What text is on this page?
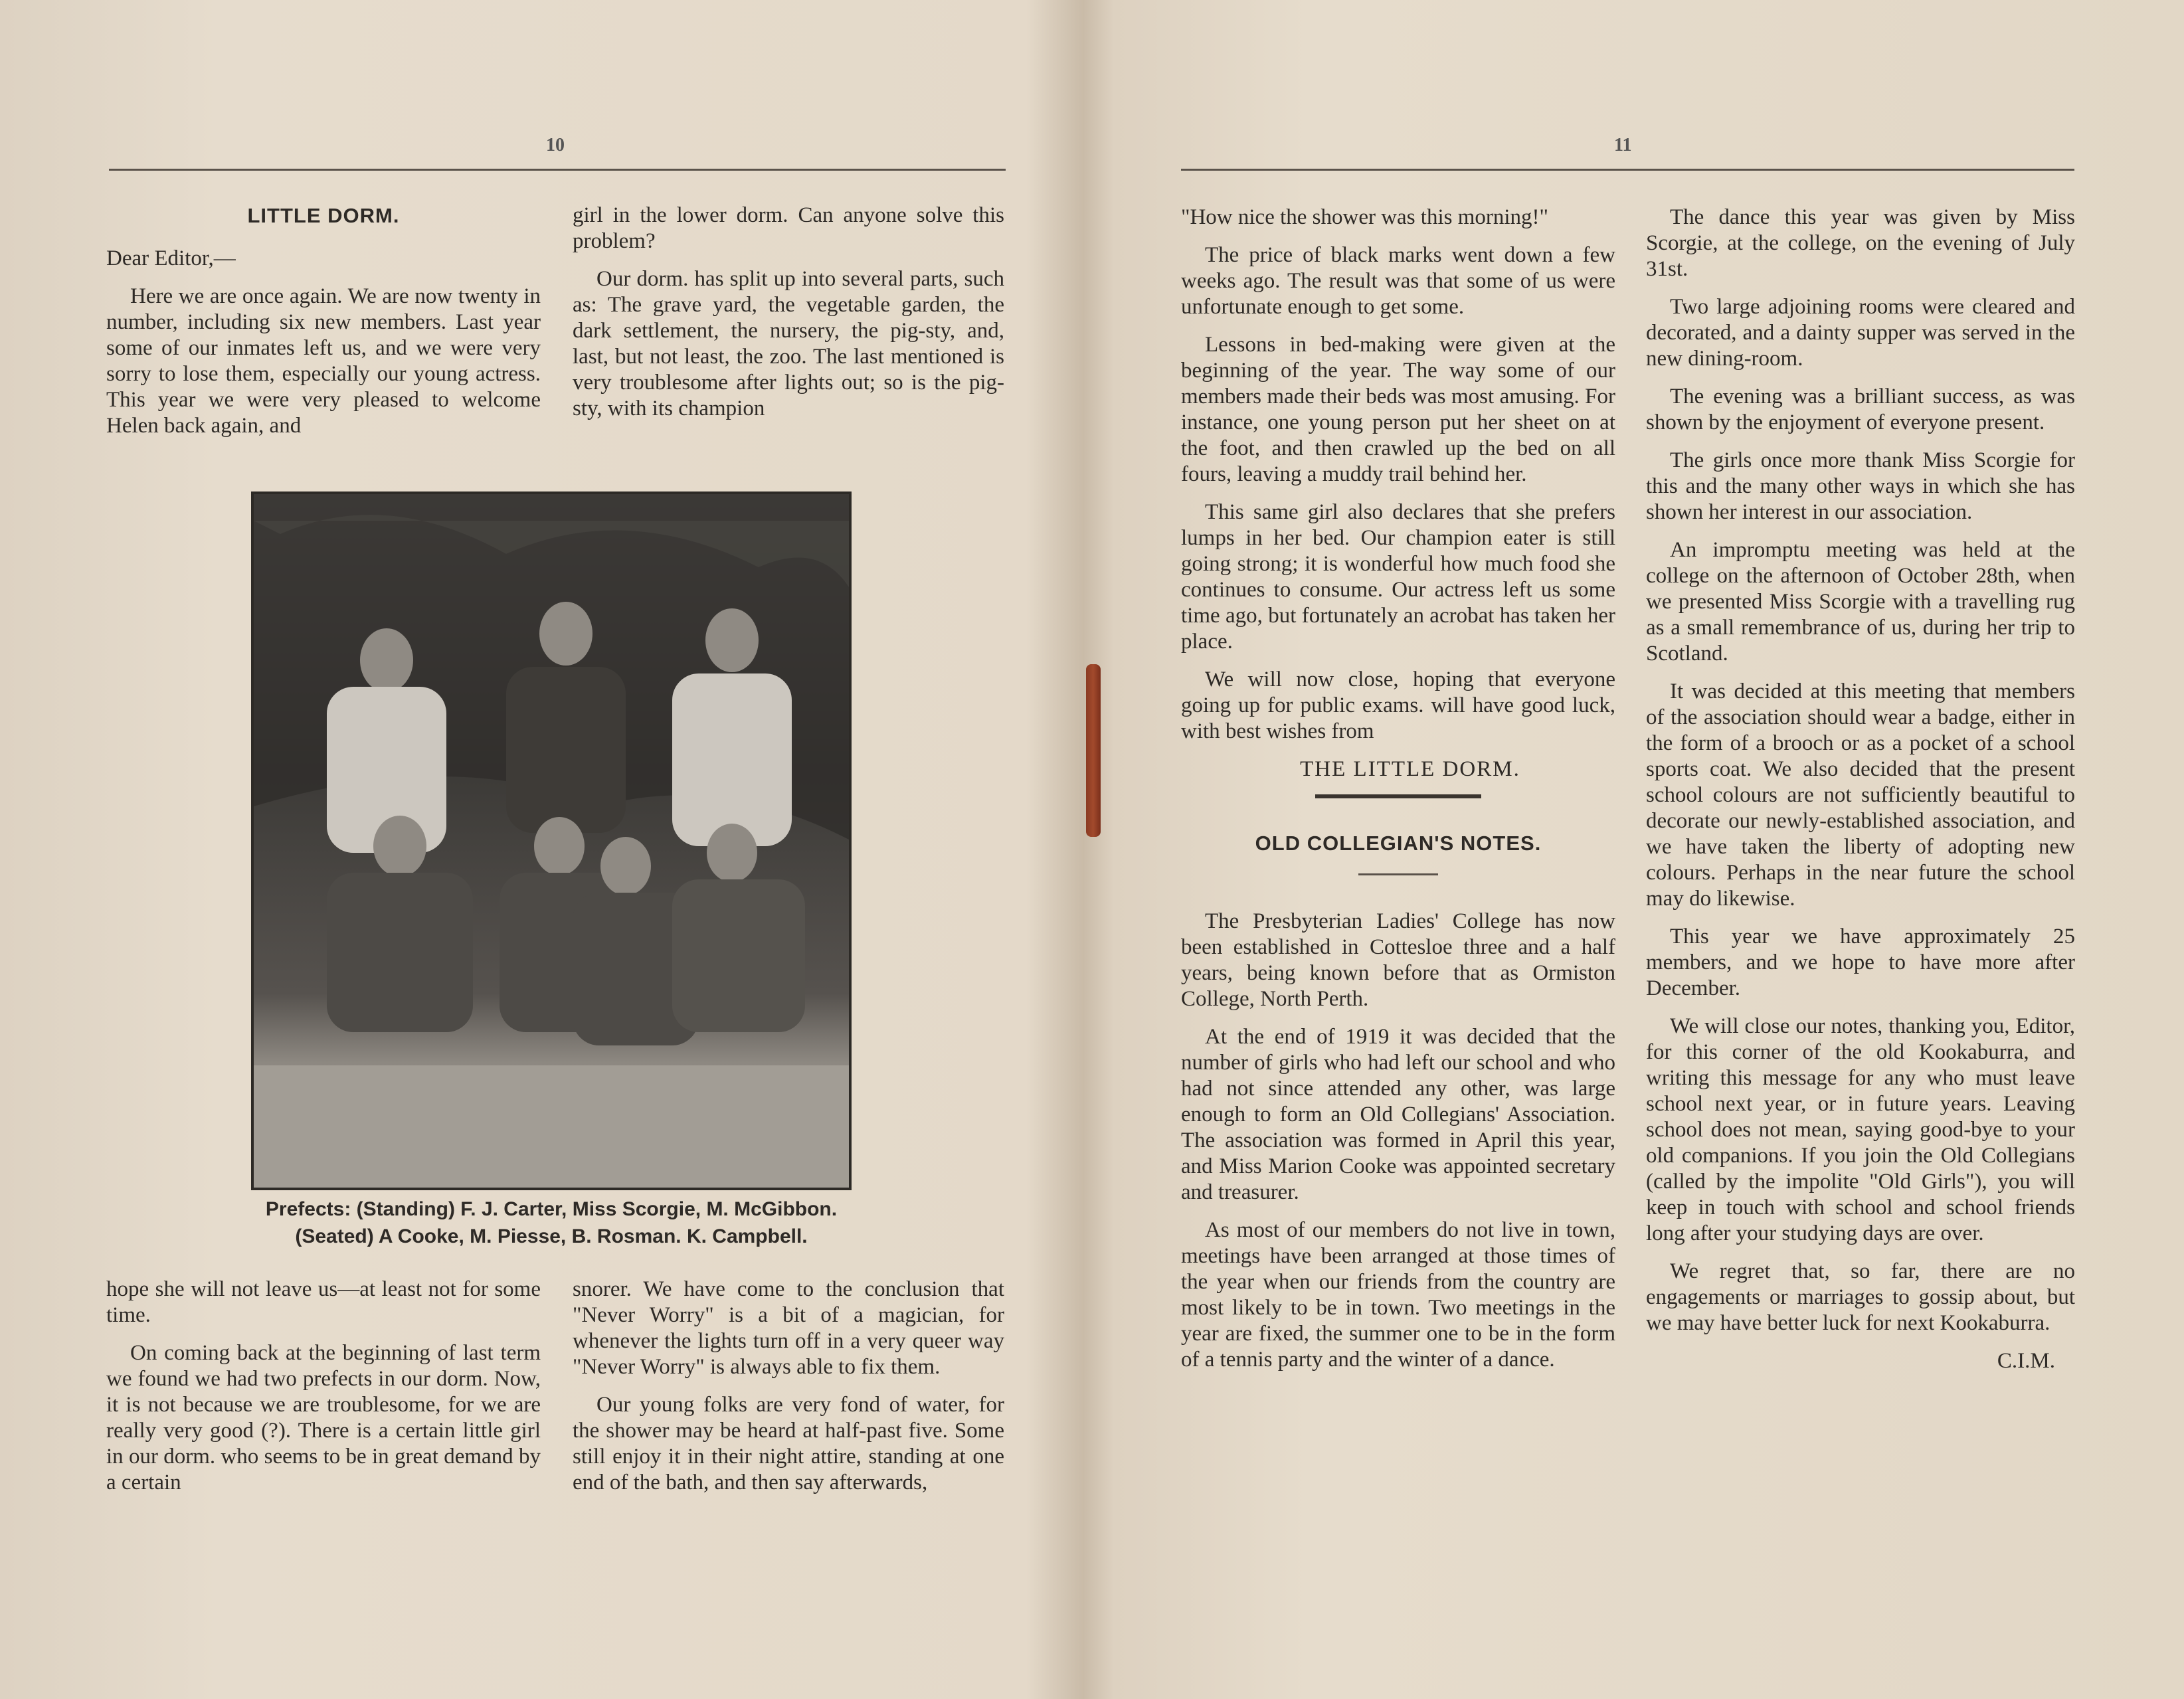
10
LITTLE DORM.

Dear Editor,—

Here we are once again. We are now twenty in number, including six new members. Last year some of our inmates left us, and we were very sorry to lose them, especially our young actress. This year we were very pleased to welcome Helen back again, and

girl in the lower dorm. Can anyone solve this problem?

Our dorm. has split up into several parts, such as: The grave yard, the vegetable garden, the dark settlement, the nursery, the pig-sty, and, last, but not least, the zoo. The last mentioned is very troublesome after lights out; so is the pig-sty, with its champion

Prefects: (Standing) F. J. Carter, Miss Scorgie, M. McGibbon.
(Seated) A Cooke, M. Piesse, B. Rosman. K. Campbell.

hope she will not leave us—at least not for some time.

On coming back at the beginning of last term we found we had two prefects in our dorm. Now, it is not because we are troublesome, for we are really very good (?). There is a certain little girl in our dorm. who seems to be in great demand by a certain

snorer. We have come to the conclusion that "Never Worry" is a bit of a magician, for whenever the lights turn off in a very queer way "Never Worry" is always able to fix them.

Our young folks are very fond of water, for the shower may be heard at half-past five. Some still enjoy it in their night attire, standing at one end of the bath, and then say afterwards,

11

"How nice the shower was this morning!"

The price of black marks went down a few weeks ago. The result was that some of us were unfortunate enough to get some.

Lessons in bed-making were given at the beginning of the year. The way some of our members made their beds was most amusing. For instance, one young person put her sheet on at the foot, and then crawled up the bed on all fours, leaving a muddy trail behind her.

This same girl also declares that she prefers lumps in her bed. Our champion eater is still going strong; it is wonderful how much food she continues to consume. Our actress left us some time ago, but fortunately an acrobat has taken her place.

We will now close, hoping that everyone going up for public exams. will have good luck, with best wishes from

THE LITTLE DORM.

OLD COLLEGIAN'S NOTES.

The Presbyterian Ladies' College has now been established in Cottesloe three and a half years, being known before that as Ormiston College, North Perth.

At the end of 1919 it was decided that the number of girls who had left our school and who had not since attended any other, was large enough to form an Old Collegians' Association. The association was formed in April this year, and Miss Marion Cooke was appointed secretary and treasurer.

As most of our members do not live in town, meetings have been arranged at those times of the year when our friends from the country are most likely to be in town. Two meetings in the year are fixed, the summer one to be in the form of a tennis party and the winter of a dance.

The dance this year was given by Miss Scorgie, at the college, on the evening of July 31st.

Two large adjoining rooms were cleared and decorated, and a dainty supper was served in the new dining-room.

The evening was a brilliant success, as was shown by the enjoyment of everyone present.

The girls once more thank Miss Scorgie for this and the many other ways in which she has shown her interest in our association.

An impromptu meeting was held at the college on the afternoon of October 28th, when we presented Miss Scorgie with a travelling rug as a small remembrance of us, during her trip to Scotland.

It was decided at this meeting that members of the association should wear a badge, either in the form of a brooch or as a pocket of a school sports coat. We also decided that the present school colours are not sufficiently beautiful to decorate our newly-established association, and we have taken the liberty of adopting new colours. Perhaps in the near future the school may do likewise.

This year we have approximately 25 members, and we hope to have more after December.

We will close our notes, thanking you, Editor, for this corner of the old Kookaburra, and writing this message for any who must leave school next year, or in future years. Leaving school does not mean, saying good-bye to your old companions. If you join the Old Collegians (called by the impolite "Old Girls"), you will keep in touch with school and school friends long after your studying days are over.

We regret that, so far, there are no engagements or marriages to gossip about, but we may have better luck for next Kookaburra.

C.I.M.
